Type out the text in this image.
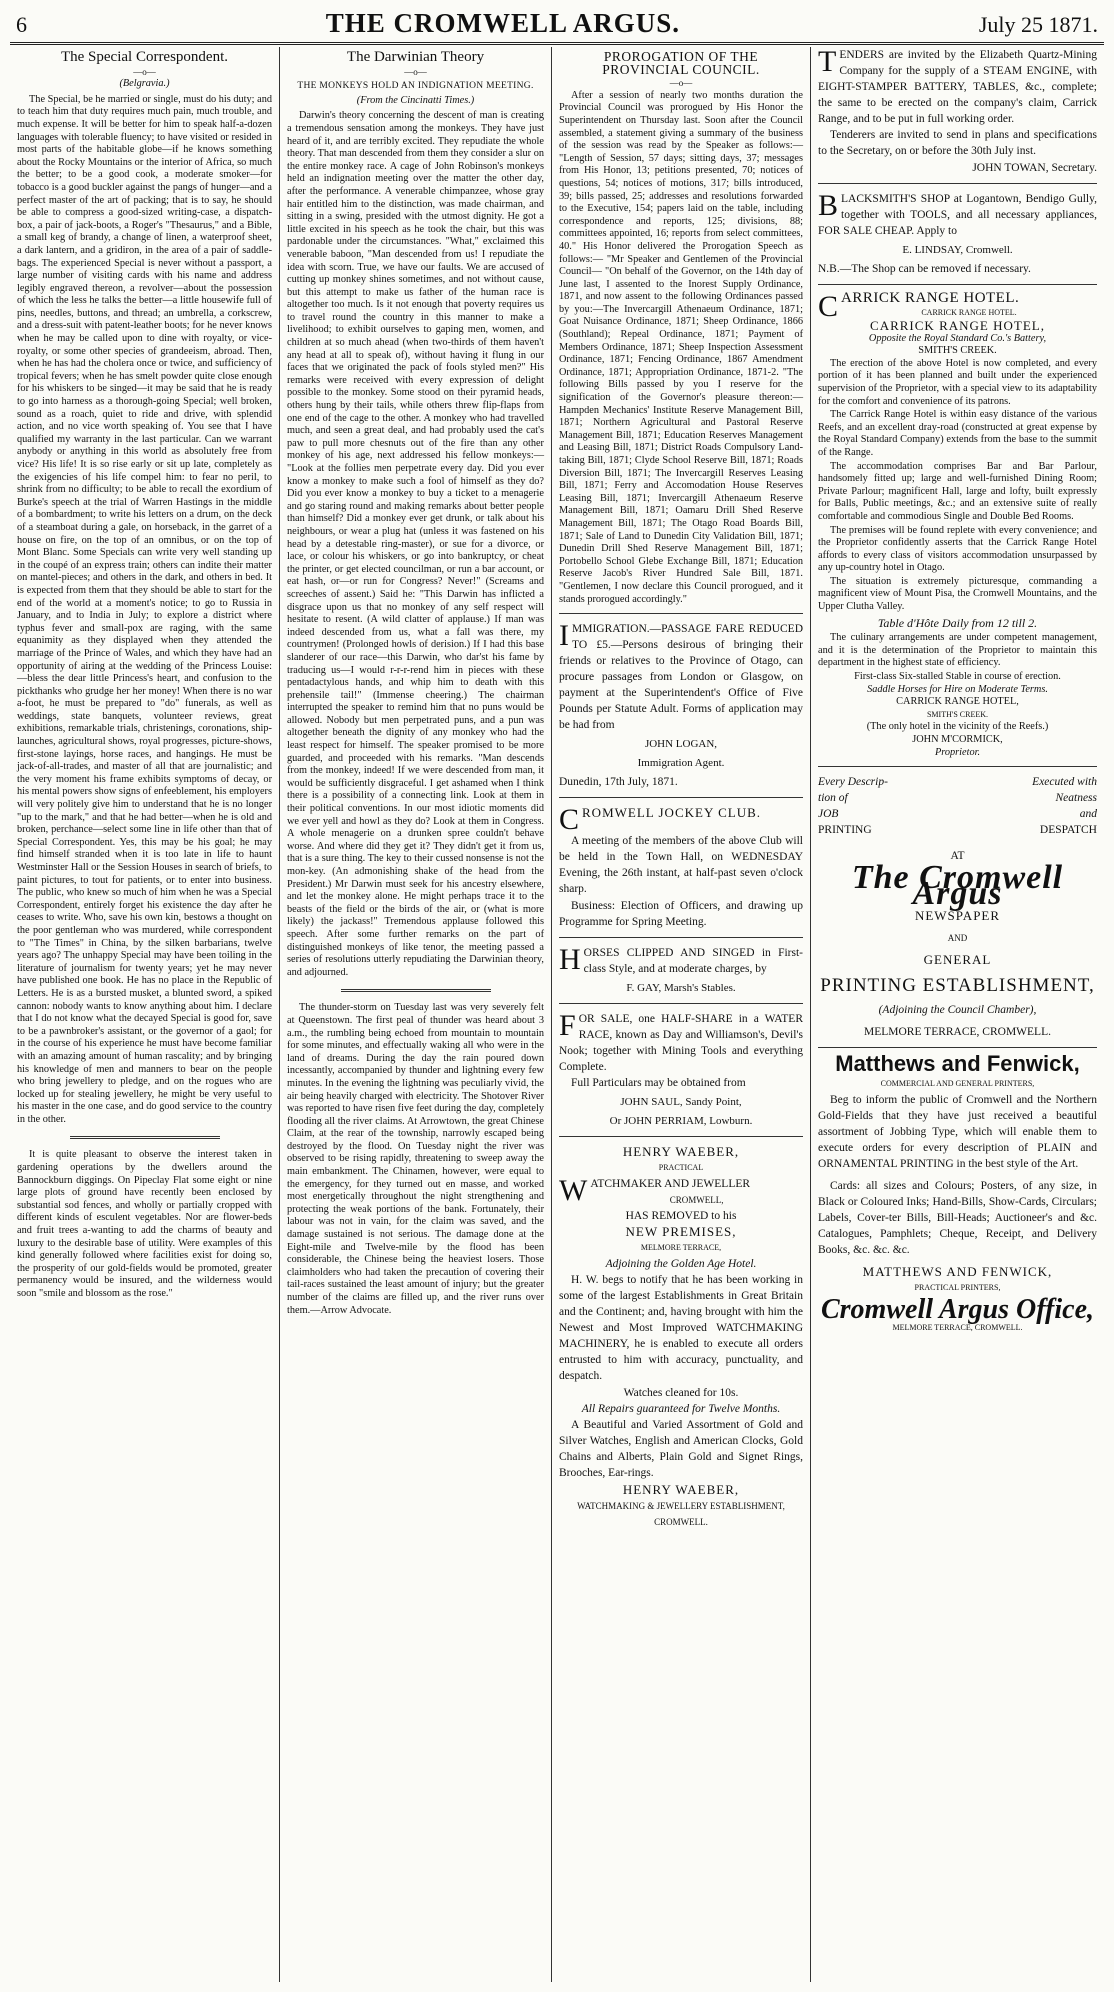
6	THE CROMWELL ARGUS.	July 25 1871.
The Special Correspondent.
—o—
(Belgravia.)

The Special, be he married or single, must do his duty; and to teach him that duty requires much pain, much trouble, and much expense. It will be better for him to speak half-a-dozen languages with tolerable fluency; to have visited or resided in most parts of the habitable globe—if he knows something about the Rocky Mountains or the interior of Africa, so much the better; to be a good cook, a moderate smoker—for tobacco is a good buckler against the pangs of hunger—and a perfect master of the art of packing; that is to say, he should be able to compress a good-sized writing-case, a dispatch-box, a pair of jack-boots, a Roger's "Thesaurus," and a Bible, a small keg of brandy, a change of linen, a waterproof sheet, a dark lantern, and a gridiron, in the area of a pair of saddle-bags. The experienced Special is never without a passport, a large number of visiting cards with his name and address legibly engraved thereon, a revolver—about the possession of which the less he talks the better—a little housewife full of pins, needles, buttons, and thread; an umbrella, a corkscrew, and a dress-suit with patent-leather boots; for he never knows when he may be called upon to dine with royalty, or vice-royalty, or some other species of grandeeism, abroad. Then, when he has had the cholera once or twice, and sufficiency of tropical fevers; when he has smelt powder quite close enough for his whiskers to be singed—it may be said that he is ready to go into harness as a thorough-going Special; well broken, sound as a roach, quiet to ride and drive, with splendid action, and no vice worth speaking of. You see that I have qualified my warranty in the last particular. Can we warrant anybody or anything in this world as absolutely free from vice? His life! It is so rise early or sit up late, completely as the exigencies of his life compel him: to fear no peril, to shrink from no difficulty; to be able to recall the exordium of Burke's speech at the trial of Warren Hastings in the middle of a bombardment; to write his letters on a drum, on the deck of a steamboat during a gale, on horseback, in the garret of a house on fire, on the top of an omnibus, or on the top of Mont Blanc. Some Specials can write very well standing up in the coupé of an express train; others can indite their matter on mantel-pieces; and others in the dark, and others in bed. It is expected from them that they should be able to start for the end of the world at a moment's notice; to go to Russia in January, and to India in July; to explore a district where typhus fever and small-pox are raging, with the same equanimity as they displayed when they attended the marriage of the Prince of Wales, and which they have had an opportunity of airing at the wedding of the Princess Louise:—bless the dear little Princess's heart, and confusion to the pickthanks who grudge her her money! When there is no war a-foot, he must be prepared to "do" funerals, as well as weddings, state banquets, volunteer reviews, great exhibitions, remarkable trials, christenings, coronations, ship-launches, agricultural shows, royal progresses, picture-shows, first-stone layings, horse races, and hangings. He must be jack-of-all-trades, and master of all that are journalistic; and the very moment his frame exhibits symptoms of decay, or his mental powers show signs of enfeeblement, his employers will very politely give him to understand that he is no longer "up to the mark," and that he had better—when he is old and broken, perchance—select some line in life other than that of Special Correspondent. Yes, this may be his goal; he may find himself stranded when it is too late in life to haunt Westminster Hall or the Session Houses in search of briefs, to paint pictures, to tout for patients, or to enter into business. The public, who knew so much of him when he was a Special Correspondent, entirely forget his existence the day after he ceases to write. Who, save his own kin, bestows a thought on the poor gentleman who was murdered, while correspondent to "The Times" in China, by the silken barbarians, twelve years ago? The unhappy Special may have been toiling in the literature of journalism for twenty years; yet he may never have published one book. He has no place in the Republic of Letters. He is as a bursted musket, a blunted sword, a spiked cannon: nobody wants to know anything about him. I declare that I do not know what the decayed Special is good for, save to be a pawnbroker's assistant, or the governor of a gaol; for in the course of his experience he must have become familiar with an amazing amount of human rascality; and by bringing his knowledge of men and manners to bear on the people who bring jewellery to pledge, and on the rogues who are locked up for stealing jewellery, he might be very useful to his master in the one case, and do good service to the country in the other.

It is quite pleasant to observe the interest taken in gardening operations by the dwellers around the Bannockburn diggings. On Pipeclay Flat some eight or nine large plots of ground have recently been enclosed by substantial sod fences, and wholly or partially cropped with different kinds of esculent vegetables. Nor are flower-beds and fruit trees a-wanting to add the charms of beauty and luxury to the desirable base of utility. Were examples of this kind generally followed where facilities exist for doing so, the prosperity of our gold-fields would be promoted, greater permanency would be insured, and the wilderness would soon "smile and blossom as the rose."

The Darwinian Theory
—o—
THE MONKEYS HOLD AN INDIGNATION MEETING.
(From the Cincinatti Times.)

Darwin's theory concerning the descent of man is creating a tremendous sensation among the monkeys. They have just heard of it, and are terribly excited. They repudiate the whole theory. That man descended from them they consider a slur on the entire monkey race. A cage of John Robinson's monkeys held an indignation meeting over the matter the other day, after the performance. A venerable chimpanzee, whose gray hair entitled him to the distinction, was made chairman, and sitting in a swing, presided with the utmost dignity. He got a little excited in his speech as he took the chair, but this was pardonable under the circumstances. "What," exclaimed this venerable baboon, "Man descended from us! I repudiate the idea with scorn. True, we have our faults. We are accused of cutting up monkey shines sometimes, and not without cause, but this attempt to make us father of the human race is altogether too much. Is it not enough that poverty requires us to travel round the country in this manner to make a livelihood; to exhibit ourselves to gaping men, women, and children at so much ahead (when two-thirds of them haven't any head at all to speak of), without having it flung in our faces that we originated the pack of fools styled men?" His remarks were received with every expression of delight possible to the monkey. Some stood on their pyramid heads, others hung by their tails, while others threw flip-flaps from one end of the cage to the other. A monkey who had travelled much, and seen a great deal, and had probably used the cat's paw to pull more chesnuts out of the fire than any other monkey of his age, next addressed his fellow monkeys:— "Look at the follies men perpetrate every day. Did you ever know a monkey to make such a fool of himself as they do? Did you ever know a monkey to buy a ticket to a menagerie and go staring round and making remarks about better people than himself? Did a monkey ever get drunk, or talk about his neighbours, or wear a plug hat (unless it was fastened on his head by a detestable ring-master), or sue for a divorce, or lace, or colour his whiskers, or go into bankruptcy, or cheat the printer, or get elected councilman, or run a bar account, or eat hash, or—or run for Congress? Never!" (Screams and screeches of assent.) Said he: "This Darwin has inflicted a disgrace upon us that no monkey of any self respect will hesitate to resent. (A wild clatter of applause.) If man was indeed descended from us, what a fall was there, my countrymen! (Prolonged howls of derision.) If I had this base slanderer of our race—this Darwin, who dar'st his fame by traducing us—I would r-r-r-rend him in pieces with these pentadactylous hands, and whip him to death with this prehensile tail!" (Immense cheering.) The chairman interrupted the speaker to remind him that no puns would be allowed. Nobody but men perpetrated puns, and a pun was altogether beneath the dignity of any monkey who had the least respect for himself. The speaker promised to be more guarded, and proceeded with his remarks. "Man descends from the monkey, indeed! If we were descended from man, it would be sufficiently disgraceful. I get ashamed when I think there is a possibility of a connecting link. Look at them in their political conventions. In our most idiotic moments did we ever yell and howl as they do? Look at them in Congress. A whole menagerie on a drunken spree couldn't behave worse. And where did they get it? They didn't get it from us, that is a sure thing. The key to their cussed nonsense is not the mon-key. (An admonishing shake of the head from the President.) Mr Darwin must seek for his ancestry elsewhere, and let the monkey alone. He might perhaps trace it to the beasts of the field or the birds of the air, or (what is more likely) the jackass!" Tremendous applause followed this speech. After some further remarks on the part of distinguished monkeys of like tenor, the meeting passed a series of resolutions utterly repudiating the Darwinian theory, and adjourned.

The thunder-storm on Tuesday last was very severely felt at Queenstown. The first peal of thunder was heard about 3 a.m., the rumbling being echoed from mountain to mountain for some minutes, and effectually waking all who were in the land of dreams. During the day the rain poured down incessantly, accompanied by thunder and lightning every few minutes. In the evening the lightning was peculiarly vivid, the air being heavily charged with electricity. The Shotover River was reported to have risen five feet during the day, completely flooding all the river claims. At Arrowtown, the great Chinese Claim, at the rear of the township, narrowly escaped being destroyed by the flood. On Tuesday night the river was observed to be rising rapidly, threatening to sweep away the main embankment. The Chinamen, however, were equal to the emergency, for they turned out en masse, and worked most energetically throughout the night strengthening and protecting the weak portions of the bank. Fortunately, their labour was not in vain, for the claim was saved, and the damage sustained is not serious. The damage done at the Eight-mile and Twelve-mile by the flood has been considerable, the Chinese being the heaviest losers. Those claimholders who had taken the precaution of covering their tail-races sustained the least amount of injury; but the greater number of the claims are filled up, and the river runs over them.—Arrow Advocate.

PROROGATION OF THE PROVINCIAL COUNCIL.
—o—

After a session of nearly two months duration the Provincial Council was prorogued by His Honor the Superintendent on Thursday last. Soon after the Council assembled, a statement giving a summary of the business of the session was read by the Speaker as follows:— "Length of Session, 57 days; sitting days, 37; messages from His Honor, 13; petitions presented, 70; notices of questions, 54; notices of motions, 317; bills introduced, 39; bills passed, 25; addresses and resolutions forwarded to the Executive, 154; papers laid on the table, including correspondence and reports, 125; divisions, 88; committees appointed, 16; reports from select committees, 40." His Honor delivered the Prorogation Speech as follows:— "Mr Speaker and Gentlemen of the Provincial Council— "On behalf of the Governor, on the 14th day of June last, I assented to the Inorest Supply Ordinance, 1871, and now assent to the following Ordinances passed by you:—The Invercargill Athenaeum Ordinance, 1871; Goat Nuisance Ordinance, 1871; Sheep Ordinance, 1866 (Southland); Repeal Ordinance, 1871; Payment of Members Ordinance, 1871; Sheep Inspection Assessment Ordinance, 1871; Fencing Ordinance, 1867 Amendment Ordinance, 1871; Appropriation Ordinance, 1871-2. "The following Bills passed by you I reserve for the signification of the Governor's pleasure thereon:—Hampden Mechanics' Institute Reserve Management Bill, 1871; Northern Agricultural and Pastoral Reserve Management Bill, 1871; Education Reserves Management and Leasing Bill, 1871; District Roads Compulsory Land-taking Bill, 1871; Clyde School Reserve Bill, 1871; Roads Diversion Bill, 1871; The Invercargill Reserves Leasing Bill, 1871; Ferry and Accomodation House Reserves Leasing Bill, 1871; Invercargill Athenaeum Reserve Management Bill, 1871; Oamaru Drill Shed Reserve Management Bill, 1871; The Otago Road Boards Bill, 1871; Sale of Land to Dunedin City Validation Bill, 1871; Dunedin Drill Shed Reserve Management Bill, 1871; Portobello School Glebe Exchange Bill, 1871; Education Reserve Jacob's River Hundred Sale Bill, 1871. "Gentlemen, I now declare this Council prorogued, and it stands prorogued accordingly."

IMMIGRATION.—PASSAGE FARE REDUCED TO £5.—Persons desirous of bringing their friends or relatives to the Province of Otago, can procure passages from London or Glasgow, on payment at the Superintendent's Office of Five Pounds per Statute Adult. Forms of application may be had from
JOHN LOGAN,
Immigration Agent.
Dunedin, 17th July, 1871.
CROMWELL JOCKEY CLUB.

A meeting of the members of the above Club will be held in the Town Hall, on WEDNESDAY Evening, the 26th instant, at half-past seven o'clock sharp.

Business: Election of Officers, and drawing up Programme for Spring Meeting.

HORSES CLIPPED AND SINGED in First-class Style, and at moderate charges, by
F. GAY, Marsh's Stables.
FOR SALE, one HALF-SHARE in a WATER RACE, known as Day and Williamson's, Devil's Nook; together with Mining Tools and everything Complete.

Full Particulars may be obtained from

JOHN SAUL, Sandy Point,
Or JOHN PERRIAM, Lowburn.
HENRY WAEBER,
PRACTICAL
W ATCHMAKER AND JEWELLER
CROMWELL,
HAS REMOVED to his
NEW PREMISES,
MELMORE TERRACE,
Adjoining the Golden Age Hotel.

H. W. begs to notify that he has been working in some of the largest Establishments in Great Britain and the Continent; and, having brought with him the Newest and Most Improved WATCHMAKING MACHINERY, he is enabled to execute all orders entrusted to him with accuracy, punctuality, and despatch.

Watches cleaned for 10s.
All Repairs guaranteed for Twelve Months.

A Beautiful and Varied Assortment of Gold and Silver Watches, English and American Clocks, Gold Chains and Alberts, Plain Gold and Signet Rings, Brooches, Ear-rings.

HENRY WAEBER,
WATCHMAKING & JEWELLERY ESTABLISHMENT,
CROMWELL.
TENDERS are invited by the Elizabeth Quartz-Mining Company for the supply of a STEAM ENGINE, with EIGHT-STAMPER BATTERY, TABLES, &c., complete; the same to be erected on the company's claim, Carrick Range, and to be put in full working order.

Tenderers are invited to send in plans and specifications to the Secretary, on or before the 30th July inst.

JOHN TOWAN, Secretary.
BLACKSMITH'S SHOP at Logantown, Bendigo Gully, together with TOOLS, and all necessary appliances, FOR SALE CHEAP. Apply to
E. LINDSAY, Cromwell.
N.B.—The Shop can be removed if necessary.
CARRICK RANGE HOTEL.
CARRICK RANGE HOTEL.
CARRICK RANGE HOTEL,
Opposite the Royal Standard Co.'s Battery,
SMITH'S CREEK.

The erection of the above Hotel is now completed, and every portion of it has been planned and built under the experienced supervision of the Proprietor, with a special view to its adaptability for the comfort and convenience of its patrons.

The Carrick Range Hotel is within easy distance of the various Reefs, and an excellent dray-road (constructed at great expense by the Royal Standard Company) extends from the base to the summit of the Range.

The accommodation comprises Bar and Bar Parlour, handsomely fitted up; large and well-furnished Dining Room; Private Parlour; magnificent Hall, large and lofty, built expressly for Balls, Public meetings, &c.; and an extensive suite of really comfortable and commodious Single and Double Bed Rooms.

The premises will be found replete with every convenience; and the Proprietor confidently asserts that the Carrick Range Hotel affords to every class of visitors accommodation unsurpassed by any up-country hotel in Otago.

The situation is extremely picturesque, commanding a magnificent view of Mount Pisa, the Cromwell Mountains, and the Upper Clutha Valley.

Table d'Hôte Daily from 12 till 2.

The culinary arrangements are under competent management, and it is the determination of the Proprietor to maintain this department in the highest state of efficiency.

First-class Six-stalled Stable in course of erection.
Saddle Horses for Hire on Moderate Terms.
CARRICK RANGE HOTEL,
SMITH'S CREEK.
(The only hotel in the vicinity of the Reefs.)
JOHN M'CORMICK,
Proprietor.
Every Descrip-	Executed with
tion of	Neatness
JOB	and
PRINTING	DESPATCH
AT
The Cromwell Argus
NEWSPAPER
AND
GENERAL
PRINTING ESTABLISHMENT,
(Adjoining the Council Chamber),
MELMORE TERRACE, CROMWELL.
Matthews and Fenwick,
COMMERCIAL AND GENERAL PRINTERS,

Beg to inform the public of Cromwell and the Northern Gold-Fields that they have just received a beautiful assortment of Jobbing Type, which will enable them to execute orders for every description of PLAIN and ORNAMENTAL PRINTING in the best style of the Art.

Cards: all sizes and Colours; Posters, of any size, in Black or Coloured Inks; Hand-Bills, Show-Cards, Circulars; Labels, Cover-ter Bills, Bill-Heads; Auctioneer's and &c. Catalogues, Pamphlets; Cheque, Receipt, and Delivery Books, &c. &c. &c.

MATTHEWS AND FENWICK,
PRACTICAL PRINTERS,
Cromwell Argus Office,
MELMORE TERRACE, CROMWELL.
